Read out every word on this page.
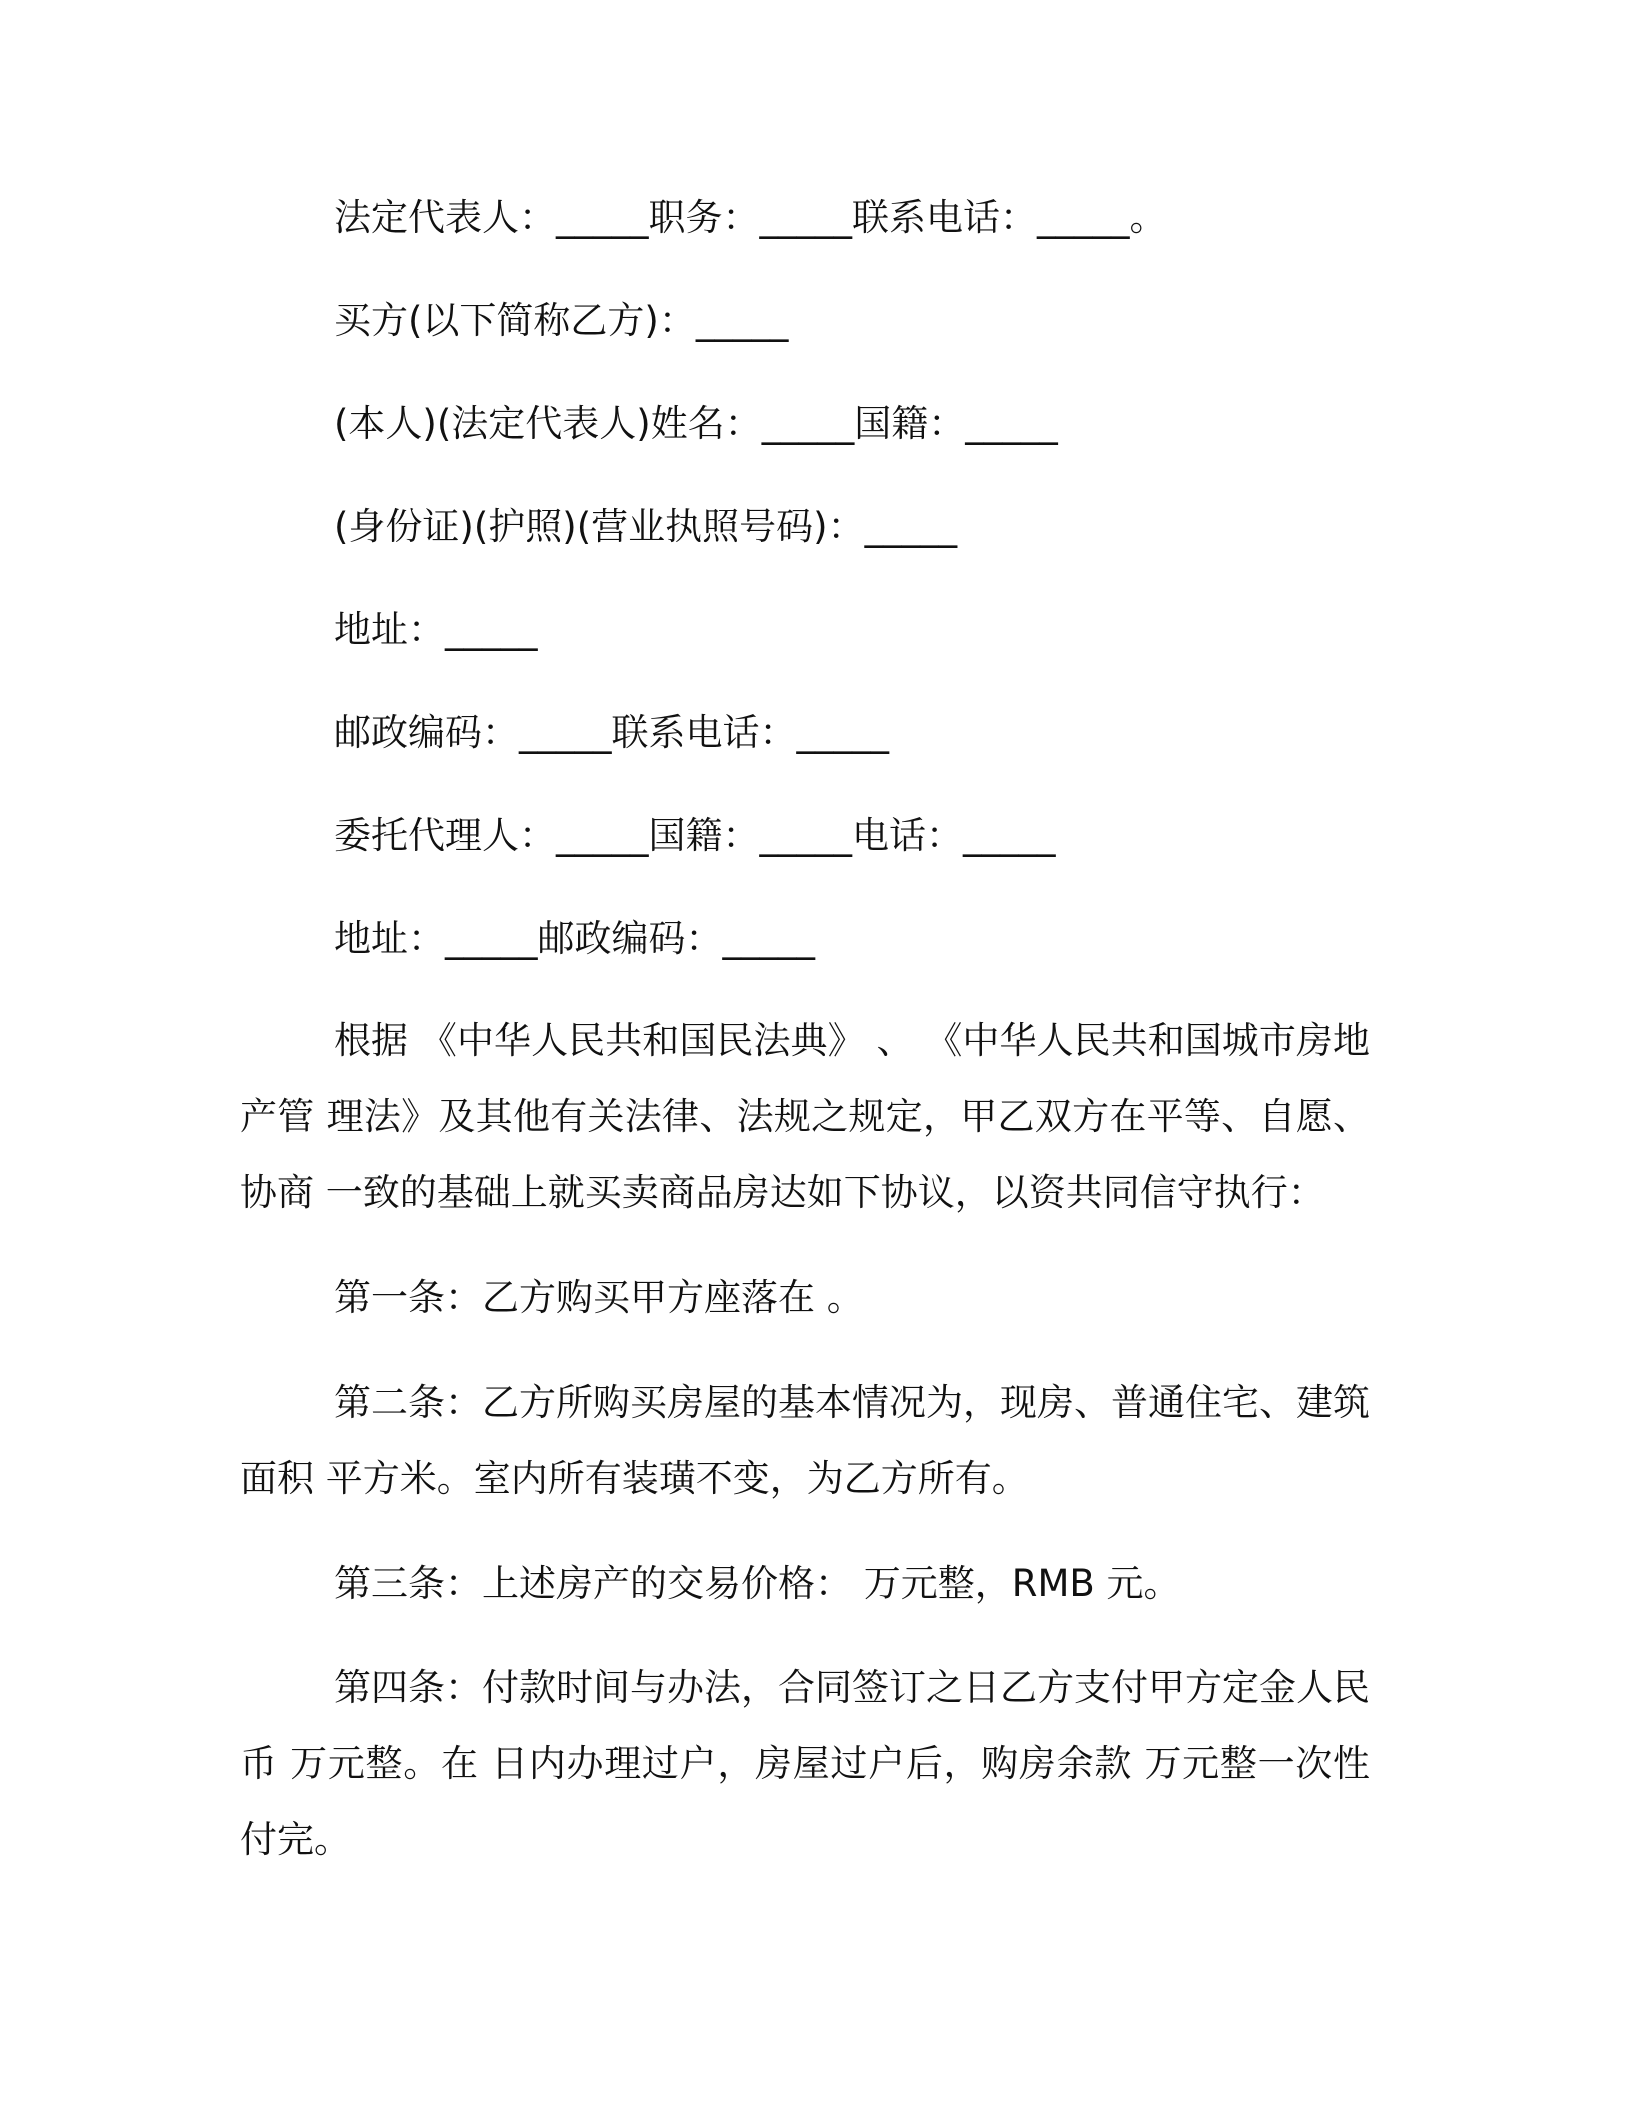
法定代表人：_____职务：_____联系电话：_____。
买方(以下简称乙方)：_____
(本人)(法定代表人)姓名：_____国籍：_____
(身份证)(护照)(营业执照号码)：_____
地址：_____
邮政编码：_____联系电话：_____
委托代理人：_____国籍：_____电话：_____
地址：_____邮政编码：_____
根据 《中华人民共和国民法典》 、 《中华人民共和国城市房地产管 理法》及其他有关法律、法规之规定，甲乙双方在平等、自愿、协商 一致的基础上就买卖商品房达如下协议，以资共同信守执行：
第一条：乙方购买甲方座落在 。
第二条：乙方所购买房屋的基本情况为，现房、普通住宅、建筑面积 平方米。室内所有装璜不变，为乙方所有。
第三条：上述房产的交易价格： 万元整，RMB 元。
第四条：付款时间与办法，合同签订之日乙方支付甲方定金人民币 万元整。在 日内办理过户，房屋过户后，购房余款 万元整一次性付完。
